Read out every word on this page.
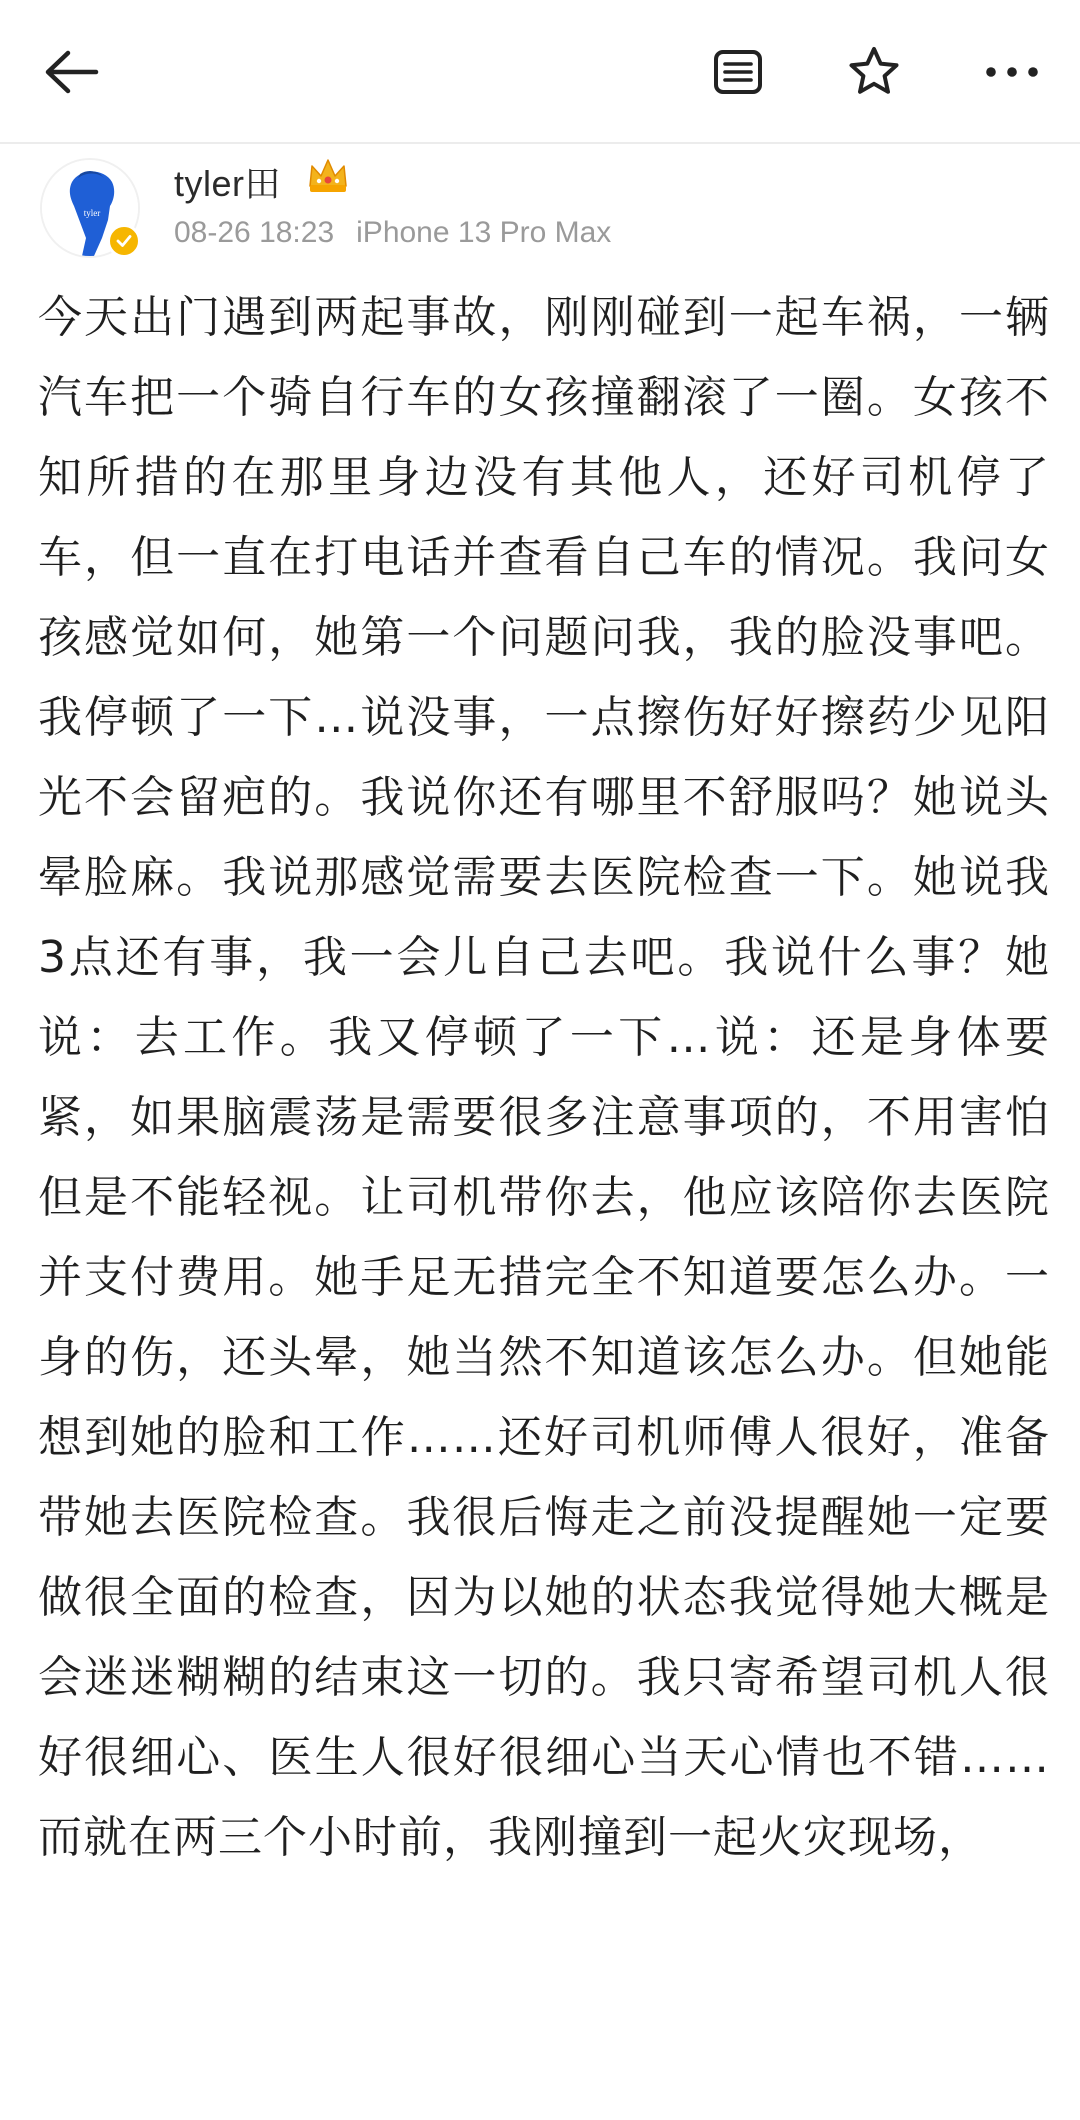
tyler
tyler田
08-26 18:23 iPhone 13 Pro Max
今天出门遇到两起事故，刚刚碰到一起车祸，一辆汽车把一个骑自行车的女孩撞翻滚了一圈。女孩不知所措的在那里身边没有其他人，还好司机停了车，但一直在打电话并查看自己车的情况。我问女孩感觉如何，她第一个问题问我，我的脸没事吧。我停顿了一下…说没事，一点擦伤好好擦药少见阳光不会留疤的。我说你还有哪里不舒服吗？她说头晕脸麻。我说那感觉需要去医院检查一下。她说我3点还有事，我一会儿自己去吧。我说什么事？她说：去工作。我又停顿了一下…说：还是身体要紧，如果脑震荡是需要很多注意事项的，不用害怕但是不能轻视。让司机带你去，他应该陪你去医院并支付费用。她手足无措完全不知道要怎么办。一身的伤，还头晕，她当然不知道该怎么办。但她能想到她的脸和工作……还好司机师傅人很好，准备带她去医院检查。我很后悔走之前没提醒她一定要做很全面的检查，因为以她的状态我觉得她大概是会迷迷糊糊的结束这一切的。我只寄希望司机人很好很细心、医生人很好很细心当天心情也不错……而就在两三个小时前，我刚撞到一起火灾现场，
